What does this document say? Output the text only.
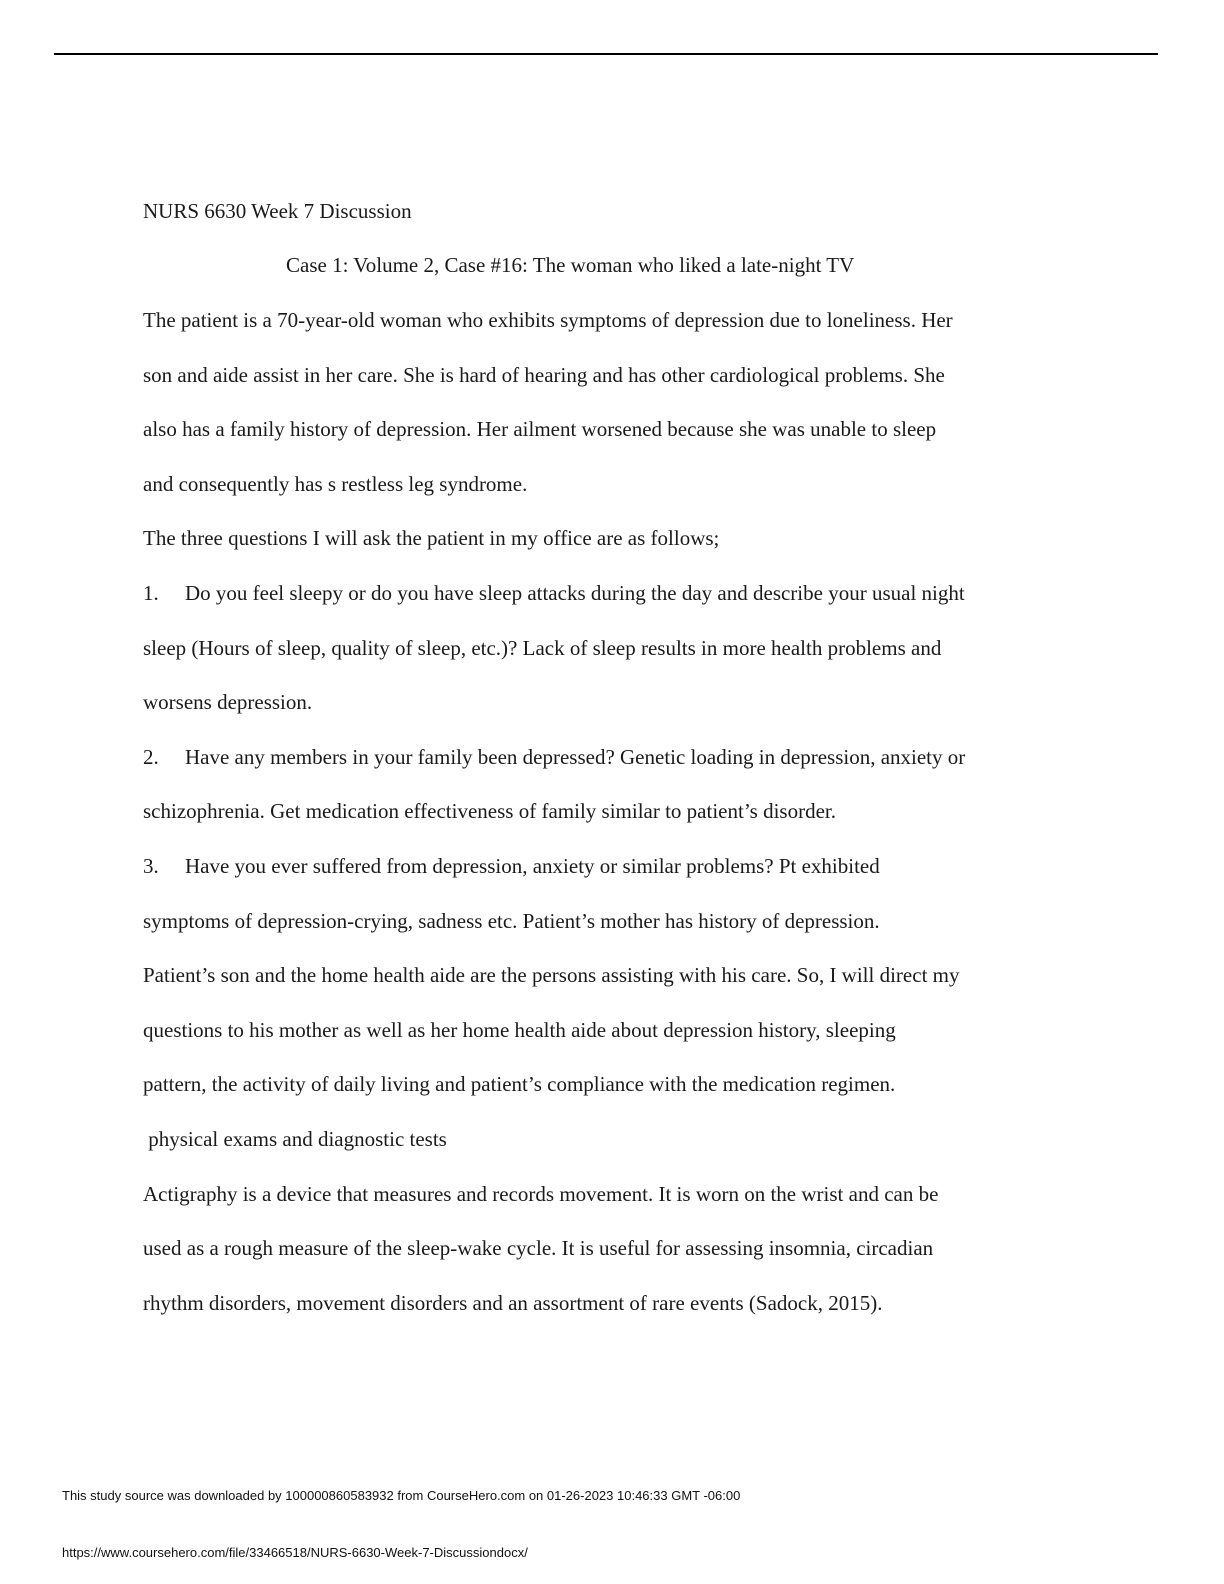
NURS 6630 Week 7 Discussion

Case 1: Volume 2, Case #16: The woman who liked a late-night TV

The patient is a 70-year-old woman who exhibits symptoms of depression due to loneliness. Her

son and aide assist in her care. She is hard of hearing and has other cardiological problems. She

also has a family history of depression. Her ailment worsened because she was unable to sleep

and consequently has s restless leg syndrome.

The three questions I will ask the patient in my office are as follows;

1. Do you feel sleepy or do you have sleep attacks during the day and describe your usual night

sleep (Hours of sleep, quality of sleep, etc.)? Lack of sleep results in more health problems and

worsens depression.

2. Have any members in your family been depressed? Genetic loading in depression, anxiety or

schizophrenia. Get medication effectiveness of family similar to patient’s disorder.

3. Have you ever suffered from depression, anxiety or similar problems? Pt exhibited

symptoms of depression-crying, sadness etc. Patient’s mother has history of depression.

Patient’s son and the home health aide are the persons assisting with his care. So, I will direct my

questions to his mother as well as her home health aide about depression history, sleeping

pattern, the activity of daily living and patient’s compliance with the medication regimen.

physical exams and diagnostic tests

Actigraphy is a device that measures and records movement. It is worn on the wrist and can be

used as a rough measure of the sleep-wake cycle. It is useful for assessing insomnia, circadian

rhythm disorders, movement disorders and an assortment of rare events (Sadock, 2015).

This study source was downloaded by 100000860583932 from CourseHero.com on 01-26-2023 10:46:33 GMT -06:00
https://www.coursehero.com/file/33466518/NURS-6630-Week-7-Discussiondocx/
